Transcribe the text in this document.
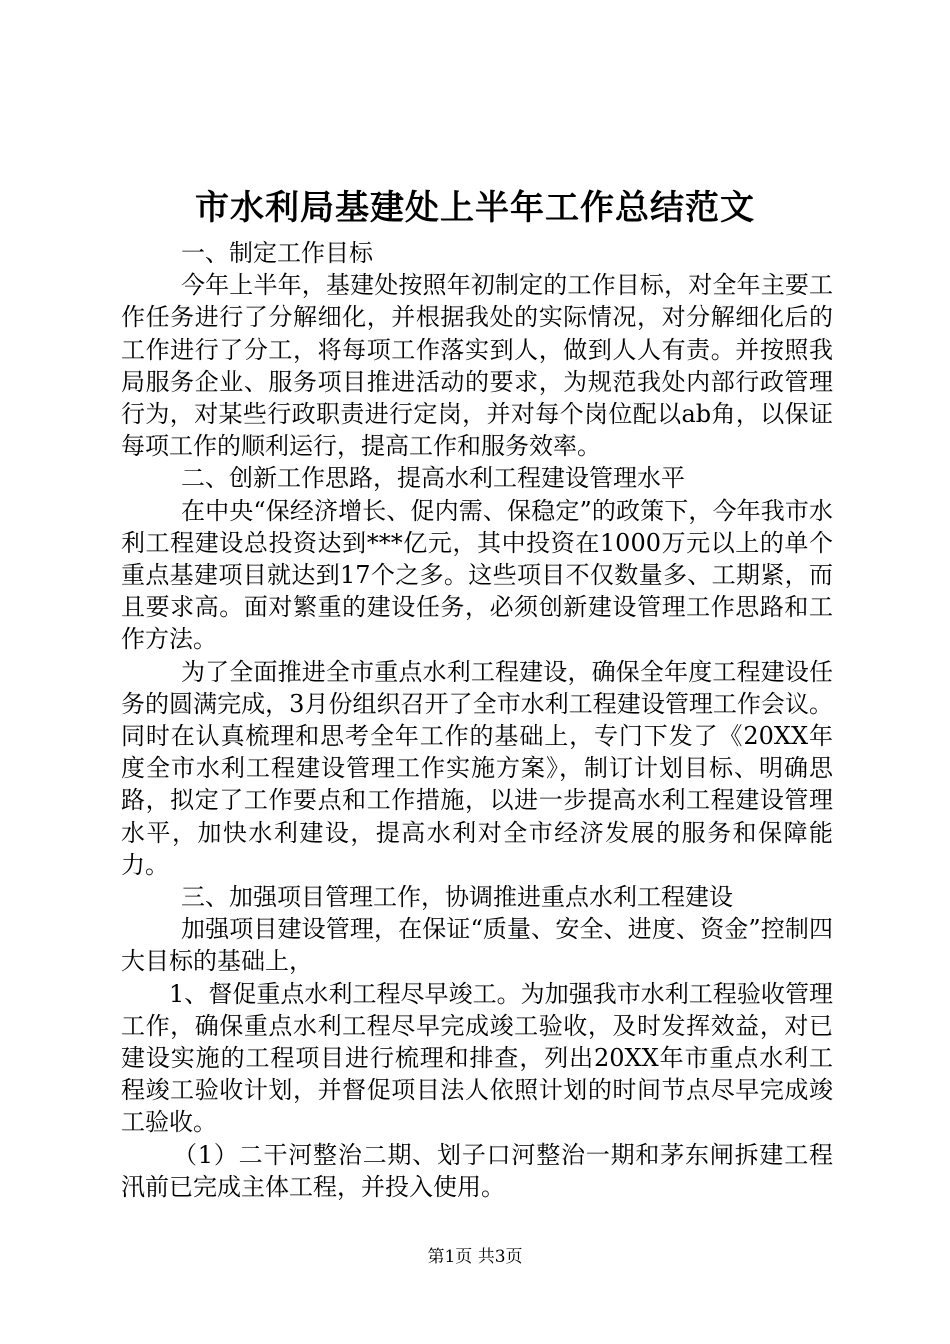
市水利局基建处上半年工作总结范文

一、制定工作目标

今年上半年，基建处按照年初制定的工作目标，对全年主要工作任务进行了分解细化，并根据我处的实际情况，对分解细化后的工作进行了分工，将每项工作落实到人，做到人人有责。并按照我局服务企业、服务项目推进活动的要求，为规范我处内部行政管理行为，对某些行政职责进行定岗，并对每个岗位配以ab角，以保证每项工作的顺利运行，提高工作和服务效率。

二、创新工作思路，提高水利工程建设管理水平

在中央“保经济增长、促内需、保稳定”的政策下，今年我市水利工程建设总投资达到***亿元，其中投资在1000万元以上的单个重点基建项目就达到17个之多。这些项目不仅数量多、工期紧，而且要求高。面对繁重的建设任务，必须创新建设管理工作思路和工作方法。

为了全面推进全市重点水利工程建设，确保全年度工程建设任务的圆满完成，3月份组织召开了全市水利工程建设管理工作会议。同时在认真梳理和思考全年工作的基础上，专门下发了《20XX年度全市水利工程建设管理工作实施方案》，制订计划目标、明确思路，拟定了工作要点和工作措施，以进一步提高水利工程建设管理水平，加快水利建设，提高水利对全市经济发展的服务和保障能力。

三、加强项目管理工作，协调推进重点水利工程建设

加强项目建设管理，在保证“质量、安全、进度、资金”控制四大目标的基础上，

1、督促重点水利工程尽早竣工。为加强我市水利工程验收管理工作，确保重点水利工程尽早完成竣工验收，及时发挥效益，对已建设实施的工程项目进行梳理和排查，列出20XX年市重点水利工程竣工验收计划，并督促项目法人依照计划的时间节点尽早完成竣工验收。

（1）二干河整治二期、划子口河整治一期和茅东闸拆建工程汛前已完成主体工程，并投入使用。

第1页 共3页
